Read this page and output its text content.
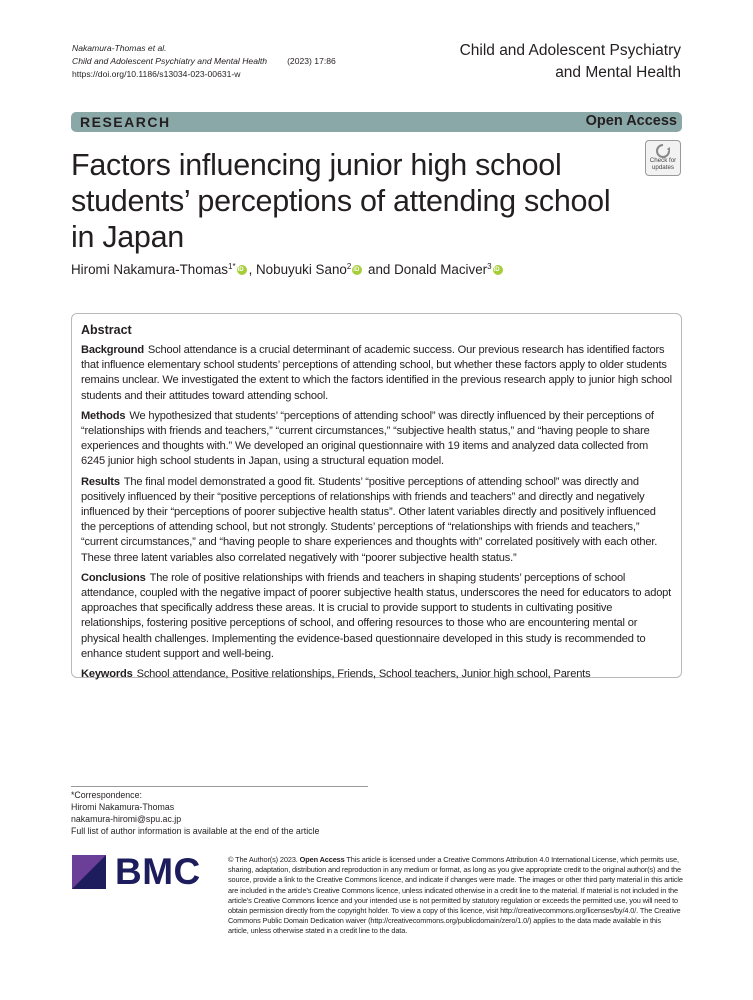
Nakamura-Thomas et al.
Child and Adolescent Psychiatry and Mental Health (2023) 17:86
https://doi.org/10.1186/s13034-023-00631-w
Child and Adolescent Psychiatry
and Mental Health
RESEARCH	Open Access
Check for
updates
Factors influencing junior high school students’ perceptions of attending school in Japan
Hiromi Nakamura-Thomas$^{1*}$iD , Nobuyuki Sano$^2$iD and Donald Maciver$^3$iD
Abstract

Background School attendance is a crucial determinant of academic success. Our previous research has identified factors that influence elementary school students’ perceptions of attending school, but whether these factors apply to older students remains unclear. We investigated the extent to which the factors identified in the previous research apply to junior high school students and their attitudes toward attending school.

Methods We hypothesized that students’ “perceptions of attending school” was directly influenced by their perceptions of “relationships with friends and teachers,” “current circumstances,” “subjective health status,” and “having people to share experiences and thoughts with.” We developed an original questionnaire with 19 items and analyzed data collected from 6245 junior high school students in Japan, using a structural equation model.

Results The final model demonstrated a good fit. Students’ “positive perceptions of attending school” was directly and positively influenced by their “positive perceptions of relationships with friends and teachers” and directly and negatively influenced by their “perceptions of poorer subjective health status”. Other latent variables directly and positively influenced the perceptions of attending school, but not strongly. Students’ perceptions of “relationships with friends and teachers,” “current circumstances,” and “having people to share experiences and thoughts with” correlated positively with each other. These three latent variables also correlated negatively with “poorer subjective health status.”

Conclusions The role of positive relationships with friends and teachers in shaping students’ perceptions of school attendance, coupled with the negative impact of poorer subjective health status, underscores the need for educators to adopt approaches that specifically address these areas. It is crucial to provide support to students in cultivating positive relationships, fostering positive perceptions of school, and offering resources to those who are encountering mental or physical health challenges. Implementing the evidence-based questionnaire developed in this study is recommended to enhance student support and well-being.

Keywords School attendance, Positive relationships, Friends, School teachers, Junior high school, Parents

*Correspondence:
Hiromi Nakamura-Thomas
nakamura-hiromi@spu.ac.jp
Full list of author information is available at the end of the article
BMC	© The Author(s) 2023. Open Access This article is licensed under a Creative Commons Attribution 4.0 International License, which permits use, sharing, adaptation, distribution and reproduction in any medium or format, as long as you give appropriate credit to the original author(s) and the source, provide a link to the Creative Commons licence, and indicate if changes were made. The images or other third party material in this article are included in the article’s Creative Commons licence, unless indicated otherwise in a credit line to the material. If material is not included in the article’s Creative Commons licence and your intended use is not permitted by statutory regulation or exceeds the permitted use, you will need to obtain permission directly from the copyright holder. To view a copy of this licence, visit http://creativecommons.org/licenses/by/4.0/. The Creative Commons Public Domain Dedication waiver (http://creativecommons.org/publicdomain/zero/1.0/) applies to the data made available in this article, unless otherwise stated in a credit line to the data.
